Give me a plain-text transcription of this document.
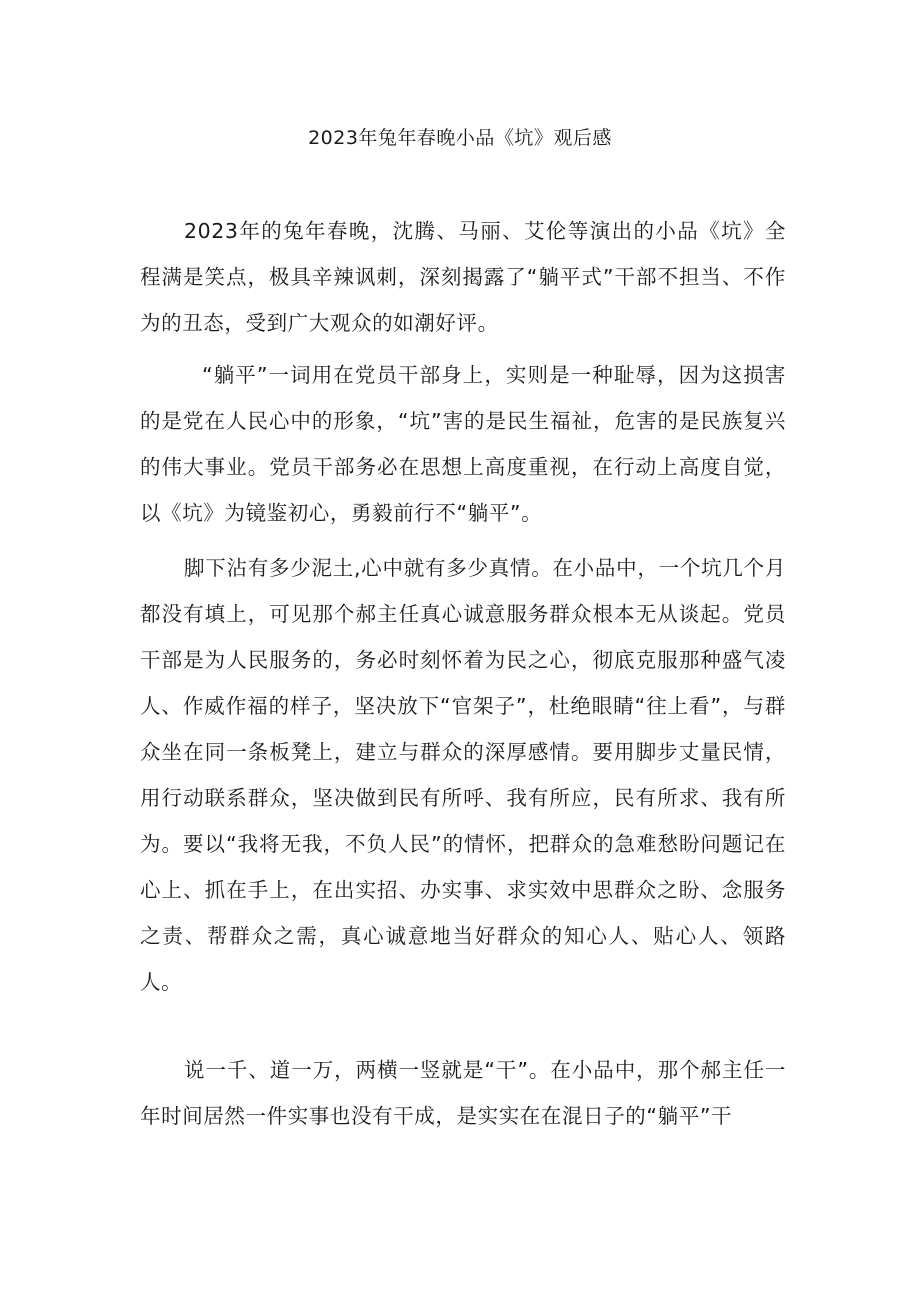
2023年兔年春晚小品《坑》观后感

2023年的兔年春晚，沈腾、马丽、艾伦等演出的小品《坑》全程满是笑点，极具辛辣讽刺，深刻揭露了“躺平式”干部不担当、不作为的丑态，受到广大观众的如潮好评。

“躺平”一词用在党员干部身上，实则是一种耻辱，因为这损害的是党在人民心中的形象，“坑”害的是民生福祉，危害的是民族复兴的伟大事业。党员干部务必在思想上高度重视，在行动上高度自觉，以《坑》为镜鉴初心，勇毅前行不“躺平”。

脚下沾有多少泥土,心中就有多少真情。在小品中，一个坑几个月都没有填上，可见那个郝主任真心诚意服务群众根本无从谈起。党员干部是为人民服务的，务必时刻怀着为民之心，彻底克服那种盛气凌人、作威作福的样子，坚决放下“官架子”，杜绝眼睛“往上看”，与群众坐在同一条板凳上，建立与群众的深厚感情。要用脚步丈量民情，用行动联系群众，坚决做到民有所呼、我有所应，民有所求、我有所为。要以“我将无我，不负人民”的情怀，把群众的急难愁盼问题记在心上、抓在手上，在出实招、办实事、求实效中思群众之盼、念服务之责、帮群众之需，真心诚意地当好群众的知心人、贴心人、领路人。

说一千、道一万，两横一竖就是“干”。在小品中，那个郝主任一年时间居然一件实事也没有干成，是实实在在混日子的“躺平”干
